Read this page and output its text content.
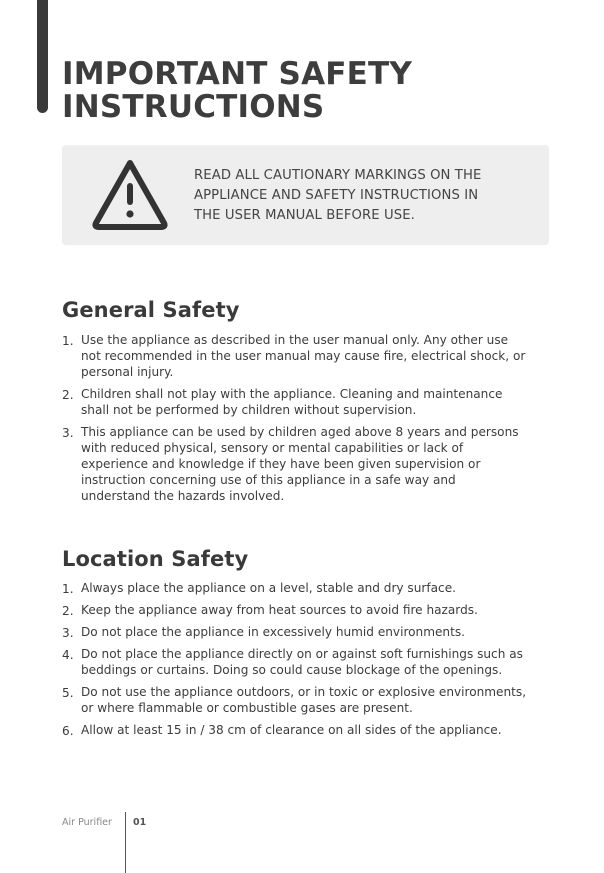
IMPORTANT SAFETY
INSTRUCTIONS
READ ALL CAUTIONARY MARKINGS ON THE
APPLIANCE AND SAFETY INSTRUCTIONS IN
THE USER MANUAL BEFORE USE.
General Safety
1. Use the appliance as described in the user manual only. Any other use
not recommended in the user manual may cause fire, electrical shock, or
personal injury.
2. Children shall not play with the appliance. Cleaning and maintenance
shall not be performed by children without supervision.
3. This appliance can be used by children aged above 8 years and persons
with reduced physical, sensory or mental capabilities or lack of
experience and knowledge if they have been given supervision or
instruction concerning use of this appliance in a safe way and
understand the hazards involved.
Location Safety
1. Always place the appliance on a level, stable and dry surface.
2. Keep the appliance away from heat sources to avoid fire hazards.
3. Do not place the appliance in excessively humid environments.
4. Do not place the appliance directly on or against soft furnishings such as
beddings or curtains. Doing so could cause blockage of the openings.
5. Do not use the appliance outdoors, or in toxic or explosive environments,
or where flammable or combustible gases are present.
6. Allow at least 15 in / 38 cm of clearance on all sides of the appliance.
Air Purifier 01
